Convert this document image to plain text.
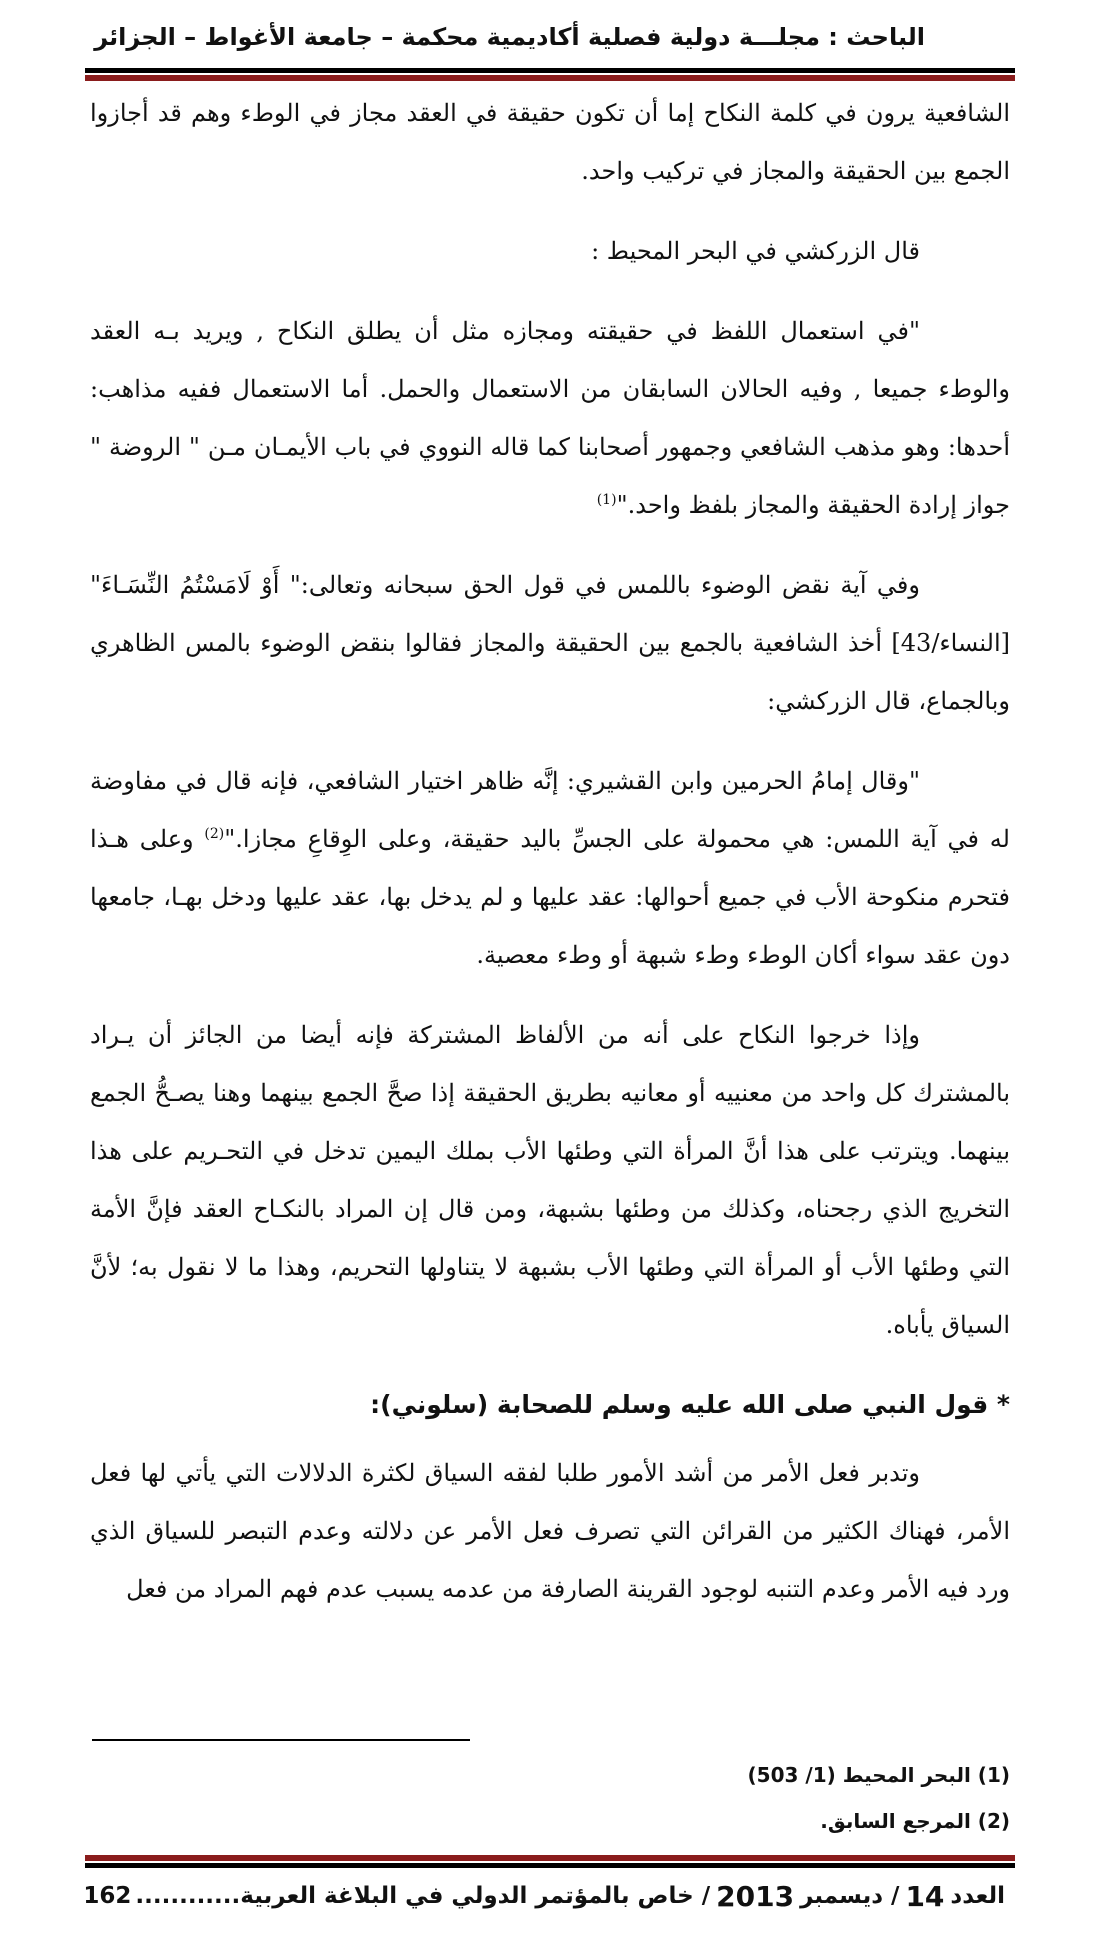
الباحث : مجلـــة دولية فصلية أكاديمية محكمة – جامعة الأغواط – الجزائر

الشافعية يرون في كلمة النكاح إما أن تكون حقيقة في العقد مجاز في الوطء وهم قد أجازوا الجمع بين الحقيقة والمجاز في تركيب واحد.

قال الزركشي في البحر المحيط :

"في استعمال اللفظ في حقيقته ومجازه مثل أن يطلق النكاح , ويريد بـه العقد والوطء جميعا , وفيه الحالان السابقان من الاستعمال والحمل. أما الاستعمال ففيه مذاهب: أحدها: وهو مذهب الشافعي وجمهور أصحابنا كما قاله النووي في باب الأيمـان مـن " الروضة " جواز إرادة الحقيقة والمجاز بلفظ واحد."$^{(1)}$

وفي آية نقض الوضوء باللمس في قول الحق سبحانه وتعالى:" أَوْ لَامَسْتُمُ النِّسَـاءَ" [النساء/43] أخذ الشافعية بالجمع بين الحقيقة والمجاز فقالوا بنقض الوضوء بالمس الظاهري وبالجماع، قال الزركشي:

"وقال إمامُ الحرمين وابن القشيري: إنَّه ظاهر اختيار الشافعي، فإنه قال في مفاوضة له في آية اللمس: هي محمولة على الجسِّ باليد حقيقة، وعلى الوِقاعِ مجازا."$^{(2)}$ وعلى هـذا فتحرم منكوحة الأب في جميع أحوالها: عقد عليها و لم يدخل بها، عقد عليها ودخل بهـا، جامعها دون عقد سواء أكان الوطء وطء شبهة أو وطء معصية.

وإذا خرجوا النكاح على أنه من الألفاظ المشتركة فإنه أيضا من الجائز أن يـراد بالمشترك كل واحد من معنييه أو معانيه بطريق الحقيقة إذا صحَّ الجمع بينهما وهنا يصـحُّ الجمع بينهما. ويترتب على هذا أنَّ المرأة التي وطئها الأب بملك اليمين تدخل في التحـريم على هذا التخريج الذي رجحناه، وكذلك من وطئها بشبهة، ومن قال إن المراد بالنكـاح العقد فإنَّ الأمة التي وطئها الأب أو المرأة التي وطئها الأب بشبهة لا يتناولها التحريم، وهذا ما لا نقول به؛ لأنَّ السياق يأباه.

* قول النبي صلى الله عليه وسلم للصحابة (سلوني):

وتدبر فعل الأمر من أشد الأمور طلبا لفقه السياق لكثرة الدلالات التي يأتي لها فعل الأمر، فهناك الكثير من القرائن التي تصرف فعل الأمر عن دلالته وعدم التبصر للسياق الذي ورد فيه الأمر وعدم التنبه لوجود القرينة الصارفة من عدمه يسبب عدم فهم المراد من فعل

(1) البحر المحيط (1/ 503)
(2) المرجع السابق.
العدد
14
/ ديسمبر
2013
/ خاص بالمؤتمر الدولي في البلاغة العربية............
162
